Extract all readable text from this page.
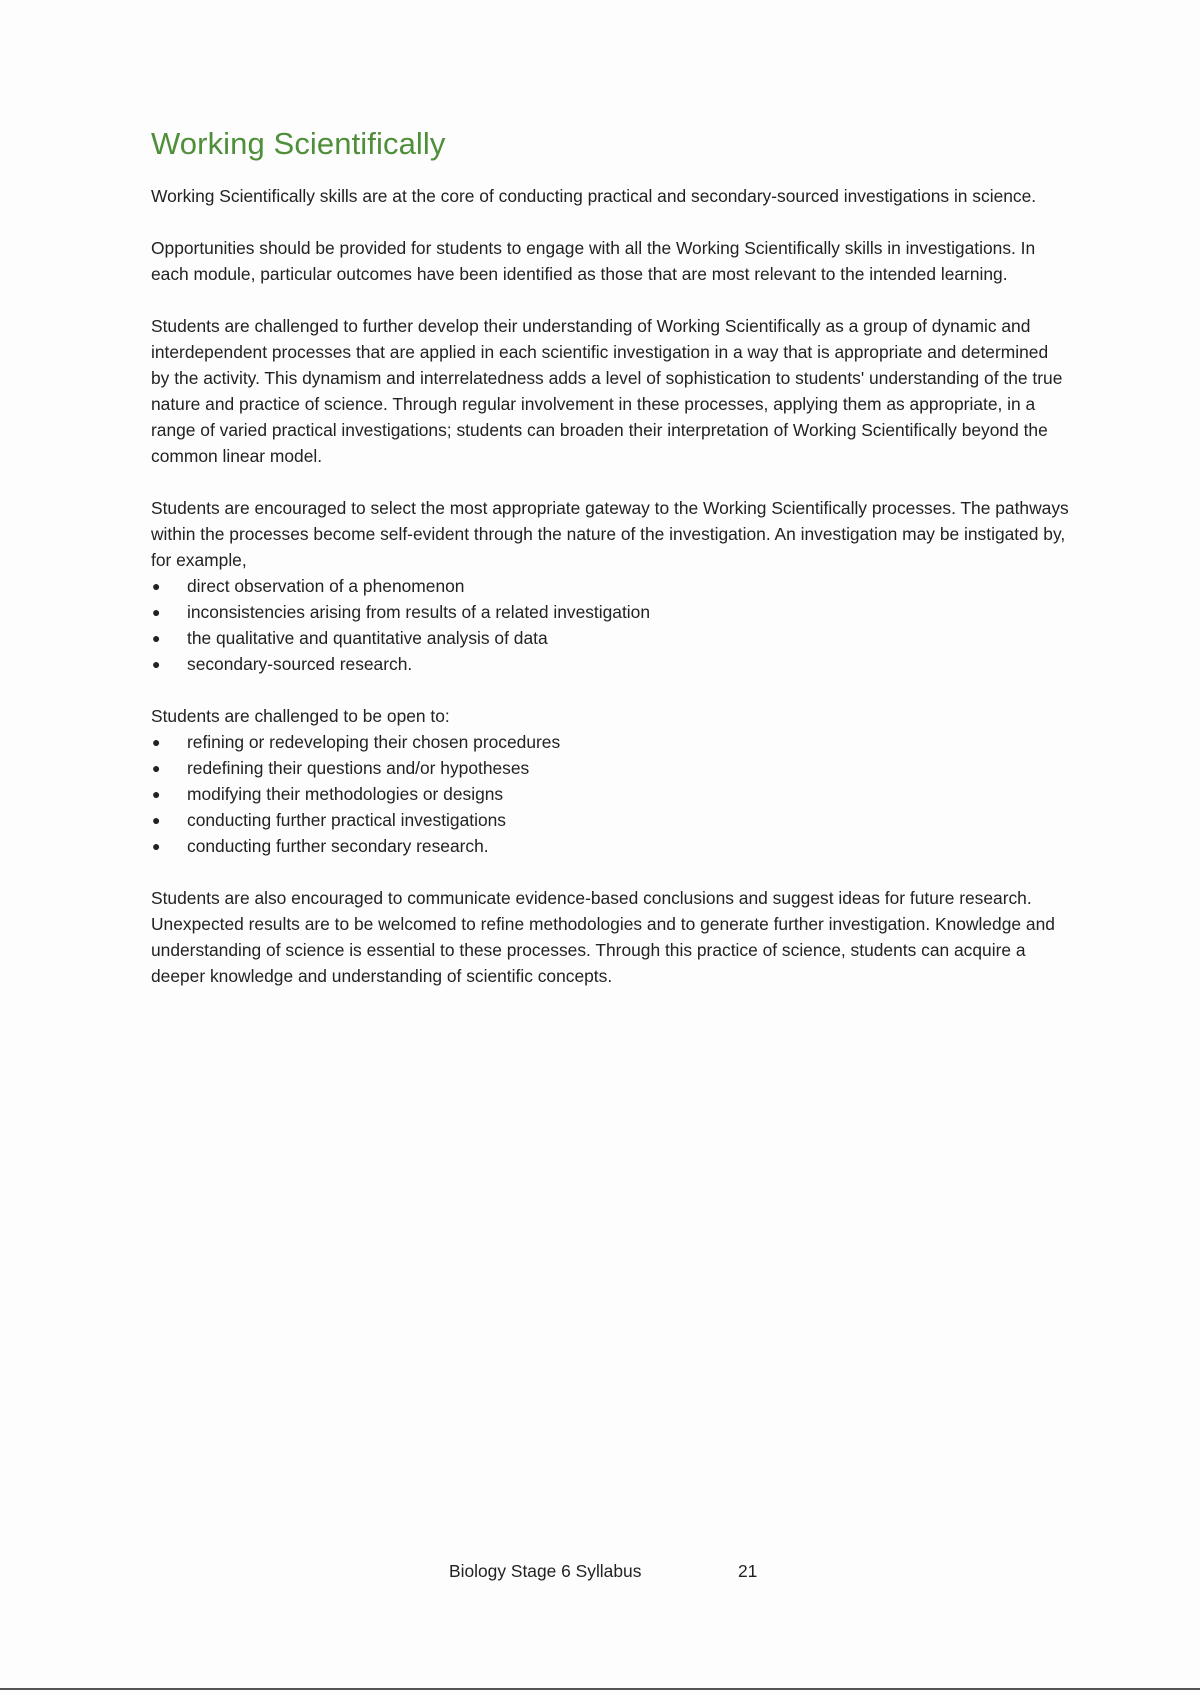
Working Scientifically

Working Scientifically skills are at the core of conducting practical and secondary-sourced investigations in science.

Opportunities should be provided for students to engage with all the Working Scientifically skills in investigations. In each module, particular outcomes have been identified as those that are most relevant to the intended learning.

Students are challenged to further develop their understanding of Working Scientifically as a group of dynamic and interdependent processes that are applied in each scientific investigation in a way that is appropriate and determined by the activity. This dynamism and interrelatedness adds a level of sophistication to students' understanding of the true nature and practice of science. Through regular involvement in these processes, applying them as appropriate, in a range of varied practical investigations; students can broaden their interpretation of Working Scientifically beyond the common linear model.

Students are encouraged to select the most appropriate gateway to the Working Scientifically processes. The pathways within the processes become self-evident through the nature of the investigation. An investigation may be instigated by, for example,

● direct observation of a phenomenon
● inconsistencies arising from results of a related investigation
● the qualitative and quantitative analysis of data
● secondary-sourced research.

Students are challenged to be open to:

● refining or redeveloping their chosen procedures
● redefining their questions and/or hypotheses
● modifying their methodologies or designs
● conducting further practical investigations
● conducting further secondary research.

Students are also encouraged to communicate evidence-based conclusions and suggest ideas for future research. Unexpected results are to be welcomed to refine methodologies and to generate further investigation. Knowledge and understanding of science is essential to these processes. Through this practice of science, students can acquire a deeper knowledge and understanding of scientific concepts.

Biology Stage 6 Syllabus	21
